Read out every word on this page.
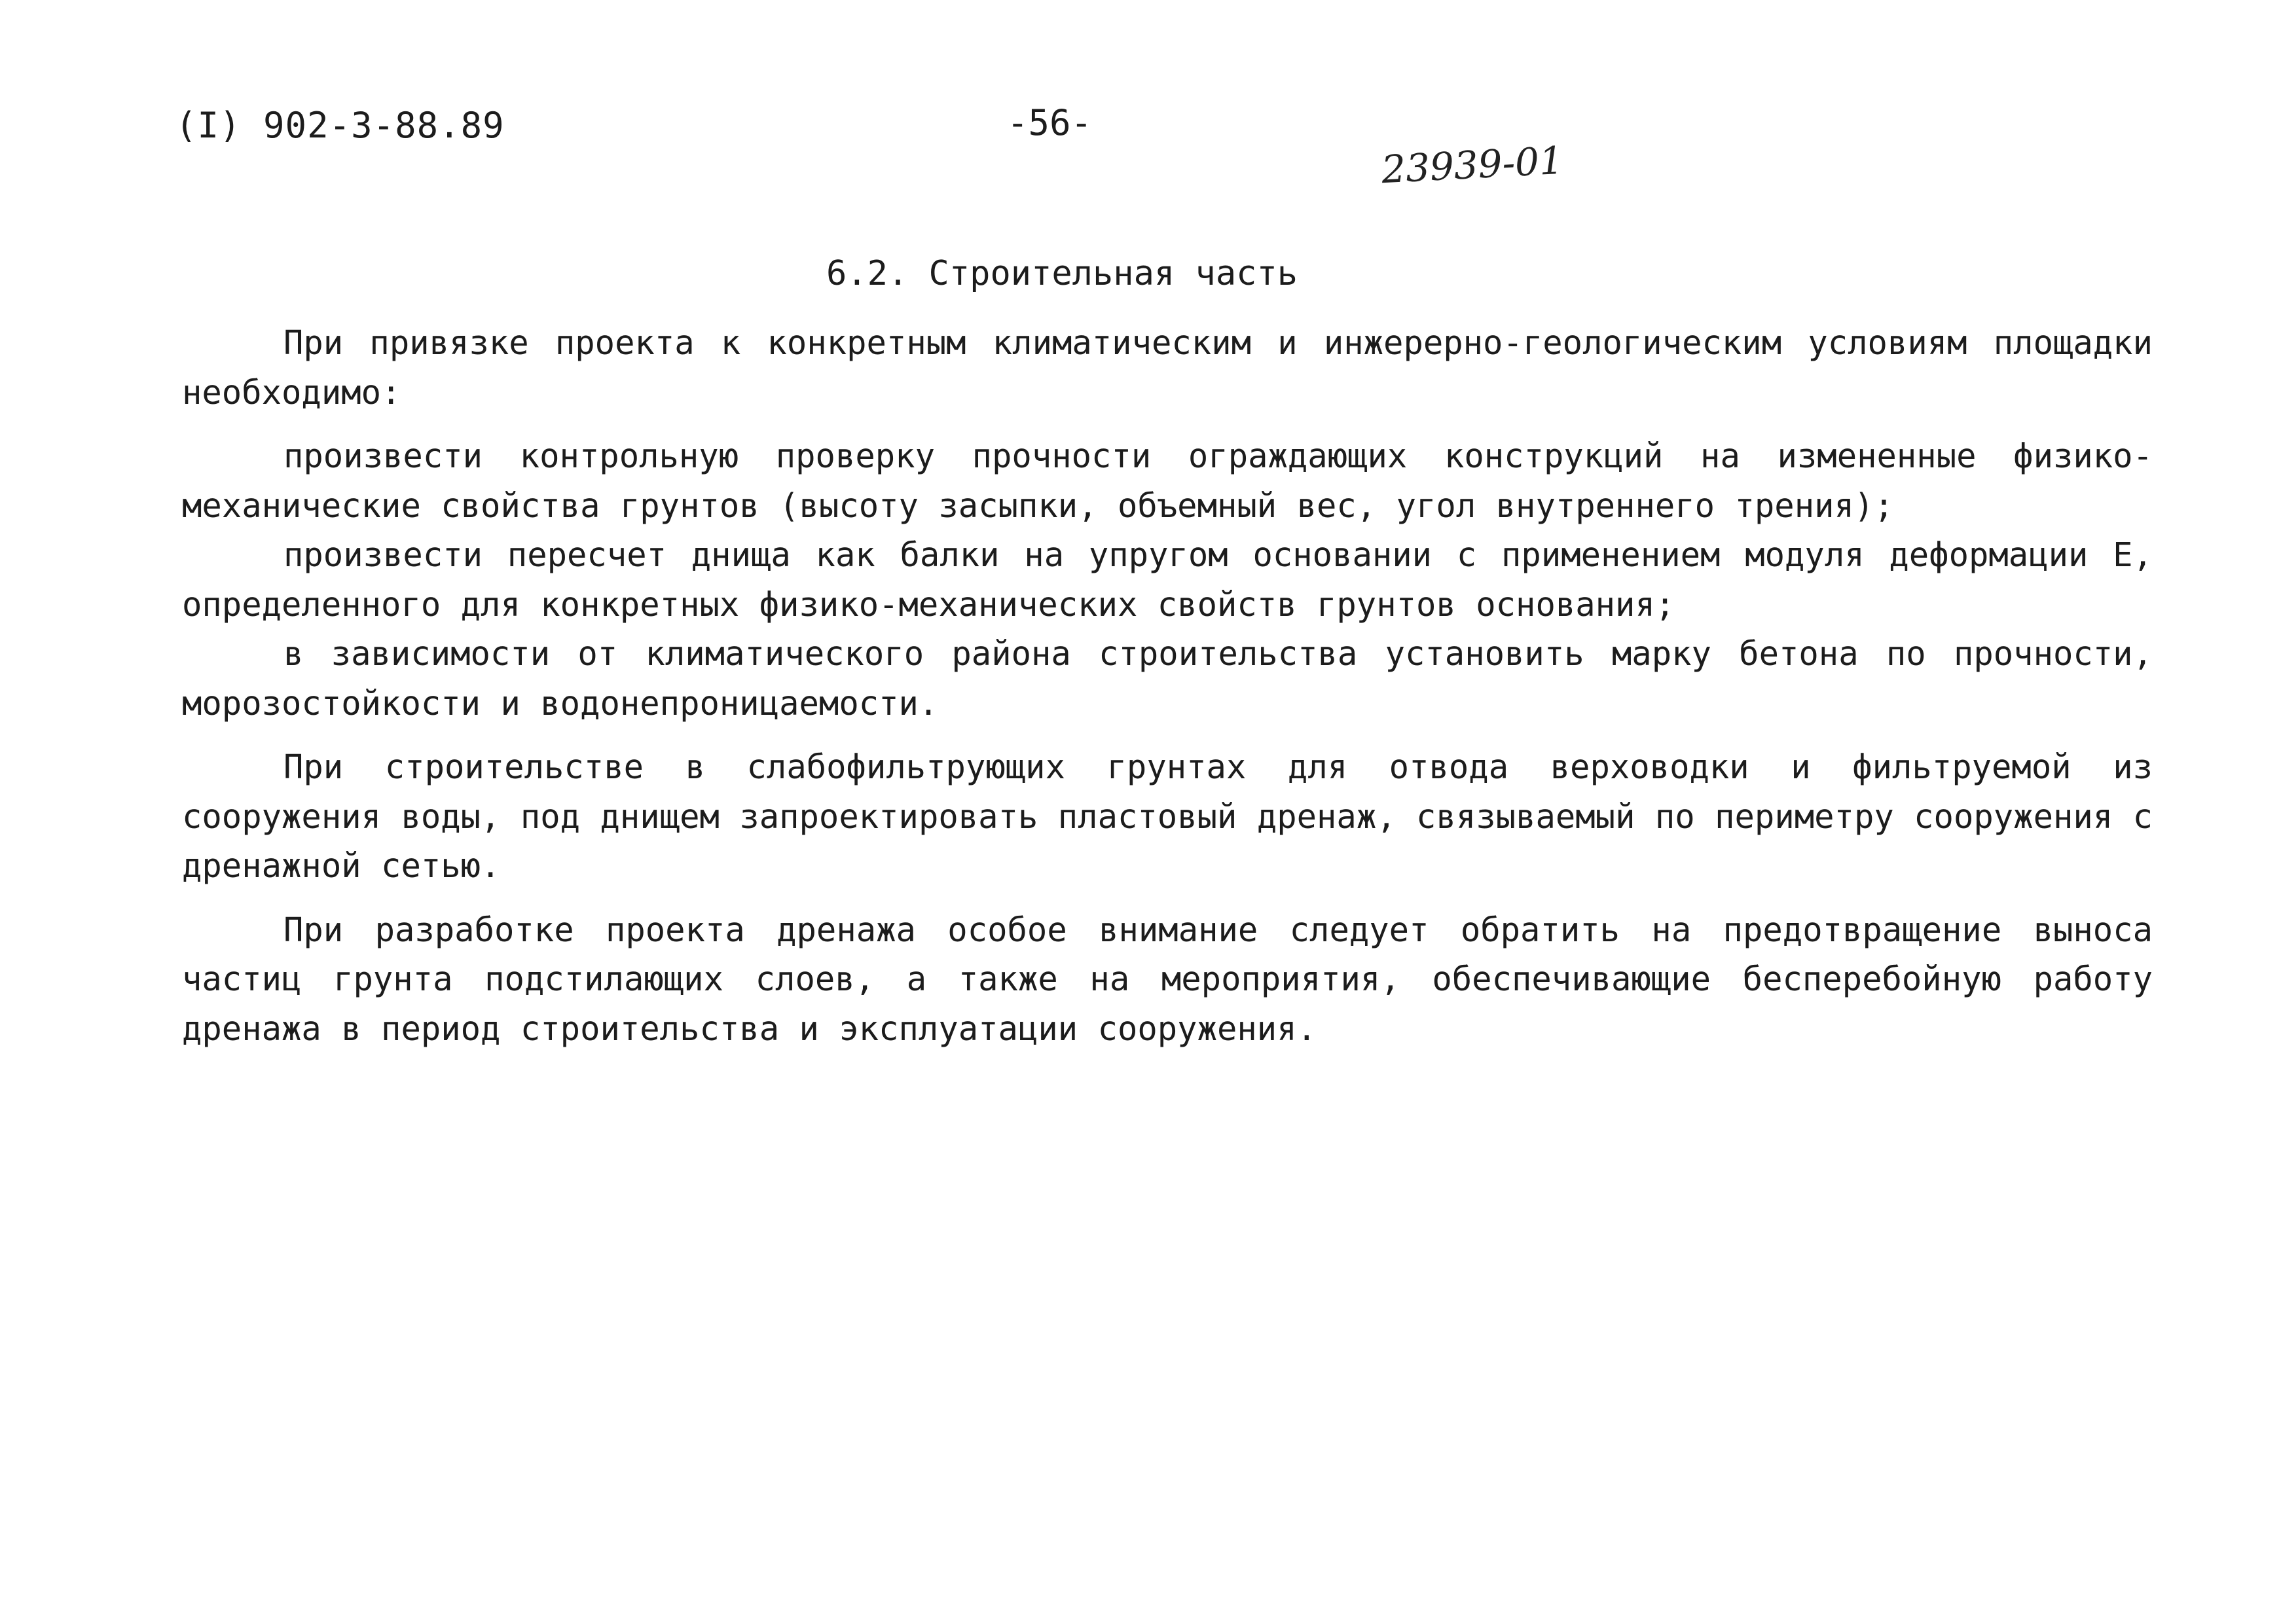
(I) 902-3-88.89	-56-
23939-01
6.2. Строительная часть

При привязке проекта к конкретным климатическим и инжерерно-геологическим условиям площадки необходимо:

произвести контрольную проверку прочности ограждающих конструкций на измененные физико-механические свойства грунтов (высоту засыпки, объемный вес, угол внутреннего трения);

произвести пересчет днища как балки на упругом основании с применением модуля деформации Е, определенного для конкретных физико-механических свойств грунтов основания;

в зависимости от климатического района строительства установить марку бетона по прочности, морозостойкости и водонепроницаемости.

При строительстве в слабофильтрующих грунтах для отвода верховодки и фильтруемой из сооружения воды, под днищем запроектировать пластовый дренаж, связываемый по периметру сооружения с дренажной сетью.

При разработке проекта дренажа особое внимание следует обратить на предотвращение выноса частиц грунта подстилающих слоев, а также на мероприятия, обеспечивающие бесперебойную работу дренажа в период строительства и эксплуатации сооружения.
